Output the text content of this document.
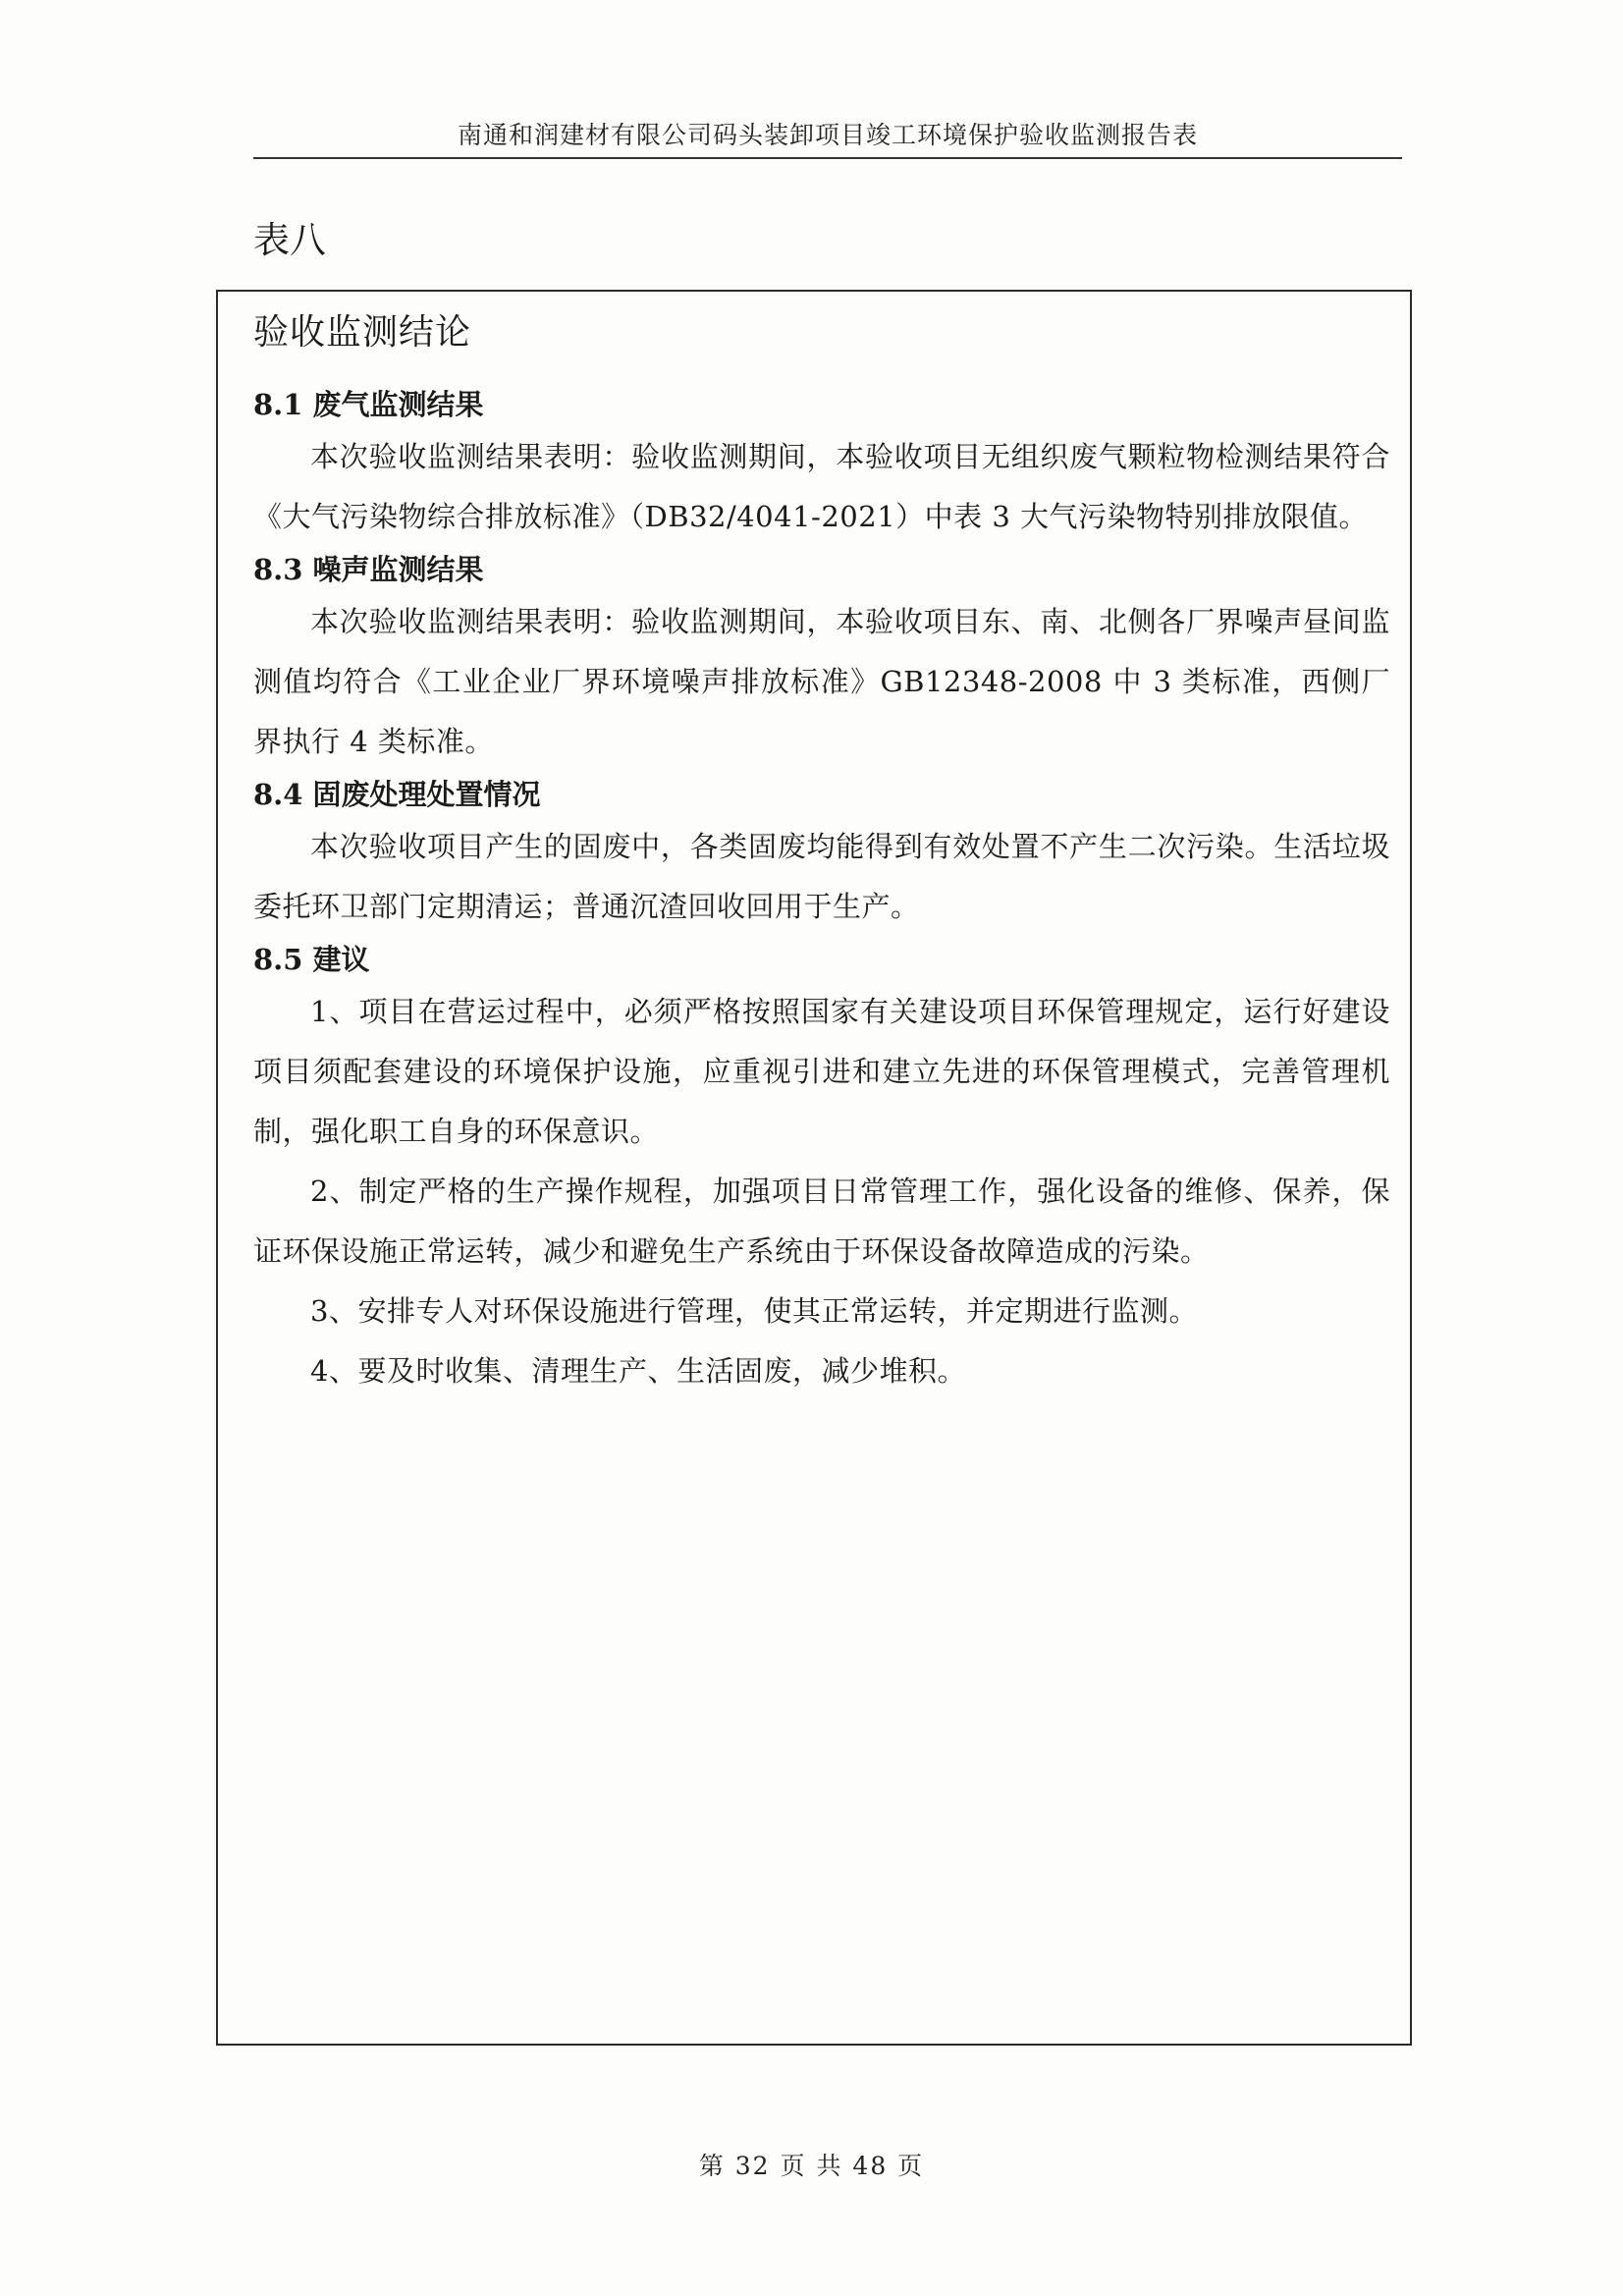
南通和润建材有限公司码头装卸项目竣工环境保护验收监测报告表
表八
验收监测结论
8.1 废气监测结果

本次验收监测结果表明：验收监测期间，本验收项目无组织废气颗粒物检测结果符合《大气污染物综合排放标准》（DB32/4041-2021）中表 3 大气污染物特别排放限值。

8.3 噪声监测结果

本次验收监测结果表明：验收监测期间，本验收项目东、南、北侧各厂界噪声昼间监测值均符合《工业企业厂界环境噪声排放标准》GB12348-2008 中 3 类标准，西侧厂界执行 4 类标准。

8.4 固废处理处置情况

本次验收项目产生的固废中，各类固废均能得到有效处置不产生二次污染。生活垃圾委托环卫部门定期清运；普通沉渣回收回用于生产。

8.5 建议

1、项目在营运过程中，必须严格按照国家有关建设项目环保管理规定，运行好建设项目须配套建设的环境保护设施，应重视引进和建立先进的环保管理模式，完善管理机制，强化职工自身的环保意识。

2、制定严格的生产操作规程，加强项目日常管理工作，强化设备的维修、保养，保证环保设施正常运转，减少和避免生产系统由于环保设备故障造成的污染。

3、安排专人对环保设施进行管理，使其正常运转，并定期进行监测。

4、要及时收集、清理生产、生活固废，减少堆积。

第 32 页 共 48 页
